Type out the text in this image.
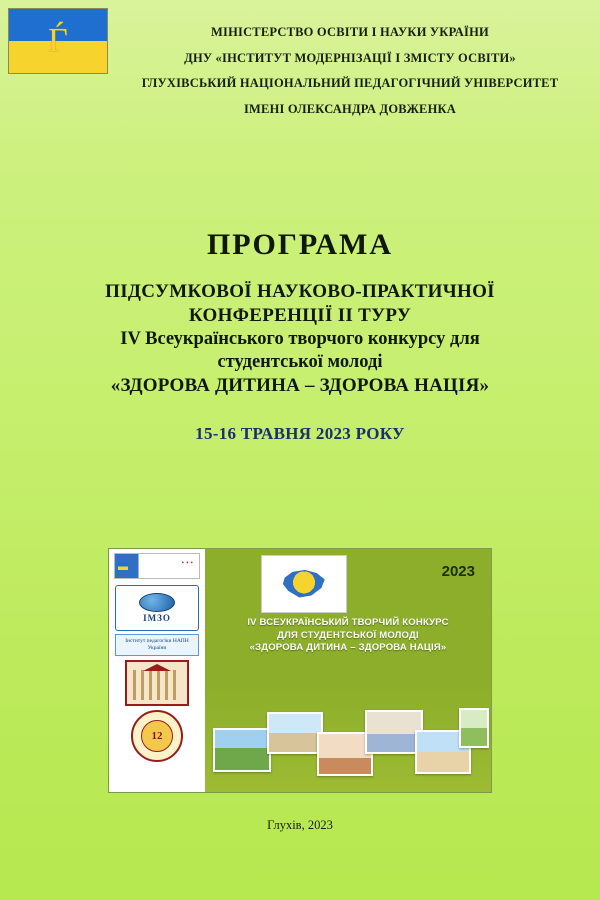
Ѓ	МІНІСТЕРСТВО ОСВІТИ І НАУКИ УКРАЇНИ
ДНУ «ІНСТИТУТ МОДЕРНІЗАЦІЇ І ЗМІСТУ ОСВІТИ»
ГЛУХІВСЬКИЙ НАЦІОНАЛЬНИЙ ПЕДАГОГІЧНИЙ УНІВЕРСИТЕТ
ІМЕНІ ОЛЕКСАНДРА ДОВЖЕНКА
ПРОГРАМА
ПІДСУМКОВОЇ НАУКОВО-ПРАКТИЧНОЇ
КОНФЕРЕНЦІЇ ІІ ТУРУ
IV Всеукраїнського творчого конкурсу для
студентської молоді
«ЗДОРОВА ДИТИНА – ЗДОРОВА НАЦІЯ»
15-16 ТРАВНЯ 2023 РОКУ
•••
ІМЗО
Інститут педагогіки НАПН України
12
2023
IV ВСЕУКРАЇНСЬКИЙ ТВОРЧИЙ КОНКУРС
ДЛЯ СТУДЕНТСЬКОЇ МОЛОДІ
«ЗДОРОВА ДИТИНА – ЗДОРОВА НАЦІЯ»
Глухів, 2023
